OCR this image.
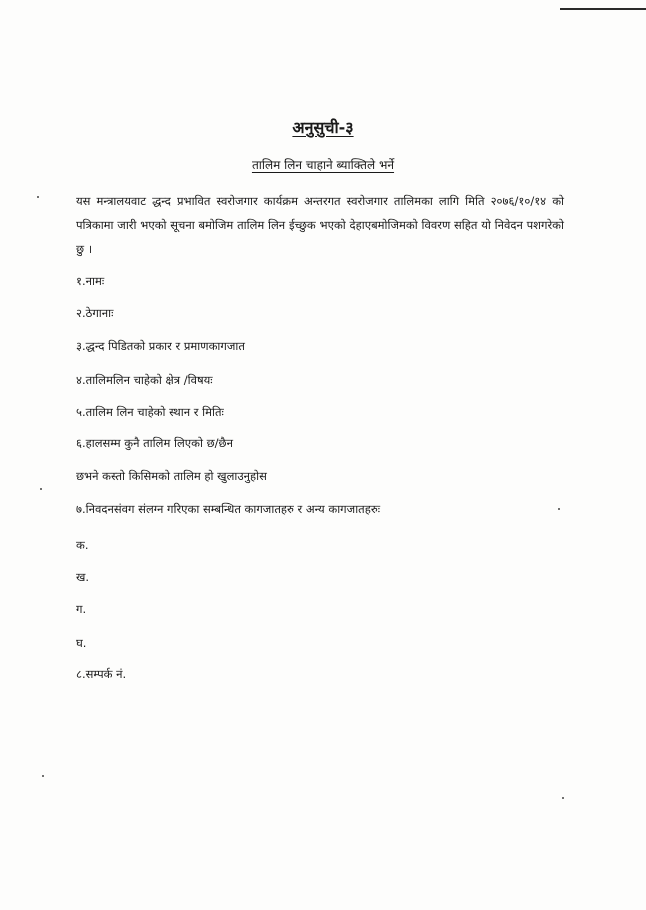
अनुसुची-३
तालिम लिन चाहाने ब्याक्तिले भर्ने

यस मन्त्रालयवाट द्धन्द प्रभावित स्वरोजगार कार्यक्रम अन्तरगत स्वरोजगार तालिमका लागि मिति २०७६/१०/१४ को पत्रिकामा जारी भएको सूचना बमोजिम तालिम लिन ईच्छुक भएको देहाएबमोजिमको विवरण सहित यो निवेदन पशगरेको छु ।

१.नामः
२.ठेगानाः
३.द्धन्द पिडितको प्रकार र प्रमाणकागजात
४.तालिमलिन चाहेको क्षेत्र /विषयः
५.तालिम लिन चाहेको स्थान र मितिः
६.हालसम्म कुनै तालिम लिएको छ/छैन
छभने कस्तो किसिमको तालिम हो खुलाउनुहोस
७.निवदनसंवग संलग्न गरिएका सम्बन्धित कागजातहरु र अन्य कागजातहरुः
क.
ख.
ग.
घ.
८.सम्पर्क नं.
